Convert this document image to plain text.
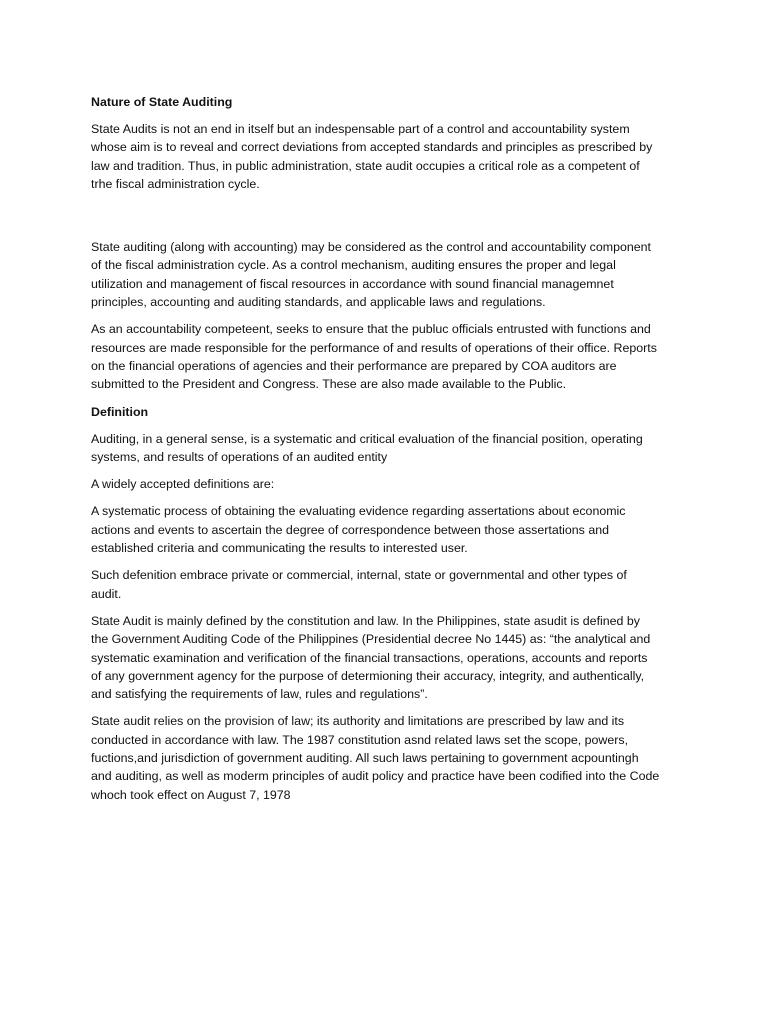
Nature of State Auditing
State Audits is not an end in itself but an indespensable part of a control and accountability system
whose aim is to reveal and correct deviations from accepted standards and principles as prescribed by
law and tradition. Thus, in public administration, state audit occupies a critical role as a competent of
trhe fiscal administration cycle.
State auditing (along with accounting) may be considered as the control and accountability component
of the fiscal administration cycle. As a control mechanism, auditing ensures the proper and legal
utilization and management of fiscal resources in accordance with sound financial managemnet
principles, accounting and auditing standards, and applicable laws and regulations.
As an accountability competeent, seeks to ensure that the publuc officials entrusted with functions and
resources are made responsible for the performance of and results of operations of their office. Reports
on the financial operations of agencies and their performance are prepared by COA auditors are
submitted to the President and Congress. These are also made available to the Public.
Definition
Auditing, in a general sense, is a systematic and critical evaluation of the financial position, operating
systems, and results of operations of an audited entity
A widely accepted definitions are:
A systematic process of obtaining the evaluating evidence regarding assertations about economic
actions and events to ascertain the degree of correspondence between those assertations and
established criteria and communicating the results to interested user.
Such defenition embrace private or commercial, internal, state or governmental and other types of
audit.
State Audit is mainly defined by the constitution and law. In the Philippines, state asudit is defined by
the Government Auditing Code of the Philippines (Presidential decree No 1445) as: “the analytical and
systematic examination and verification of the financial transactions, operations, accounts and reports
of any government agency for the purpose of determioning their accuracy, integrity, and authentically,
and satisfying the requirements of law, rules and regulations”.
State audit relies on the provision of law; its authority and limitations are prescribed by law and its
conducted in accordance with law. The 1987 constitution asnd related laws set the scope, powers,
fuctions,and jurisdiction of government auditing. All such laws pertaining to government acpountingh
and auditing, as well as moderm principles of audit policy and practice have been codified into the Code
whoch took effect on August 7, 1978
